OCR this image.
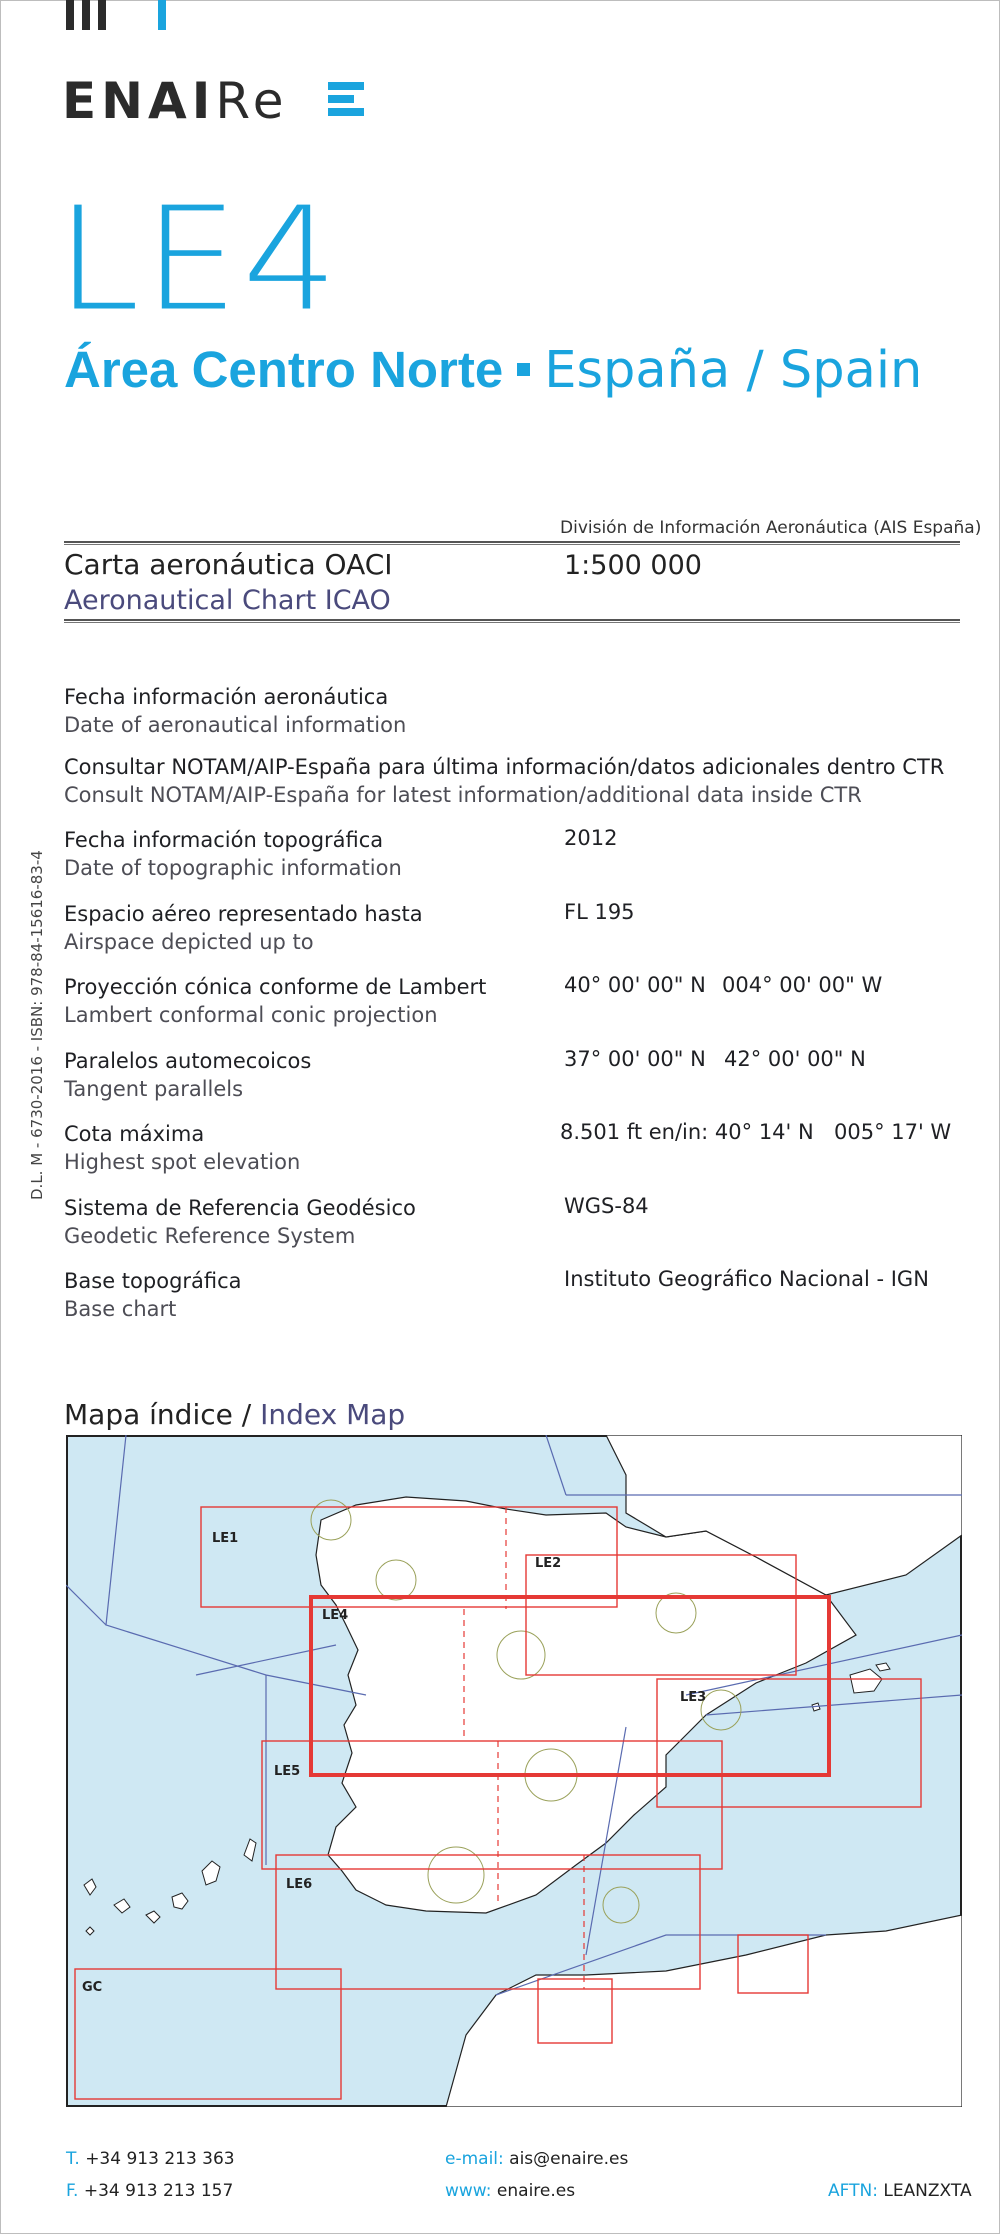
ENAIRe
LE4
Área Centro Norte España / Spain
División de Información Aeronáutica (AIS España)
Carta aeronáutica OACI
Aeronautical Chart ICAO
1:500 000
Fecha información aeronáutica
Date of aeronautical information
Consultar NOTAM/AIP-España para última información/datos adicionales dentro CTR
Consult NOTAM/AIP-España for latest information/additional data inside CTR
Fecha información topográfica
Date of topographic information
2012
Espacio aéreo representado hasta
Airspace depicted up to
FL 195
Proyección cónica conforme de Lambert
Lambert conformal conic projection
40° 00' 00" N 004° 00' 00" W
Paralelos automecoicos
Tangent parallels
37° 00' 00" N 42° 00' 00" N
Cota máxima
Highest spot elevation
8.501 ft en/in: 40° 14' N 005° 17' W
Sistema de Referencia Geodésico
Geodetic Reference System
WGS-84
Base topográfica
Base chart
Instituto Geográfico Nacional - IGN
D.L. M - 6730-2016 - ISBN: 978-84-15616-83-4
Mapa índice / Index Map
LE1
LE2
LE4
LE3
LE5
LE6
GC
T. +34 913 213 363
F. +34 913 213 157
e-mail: ais@enaire.es
www: enaire.es	AFTN: LEANZXTA
